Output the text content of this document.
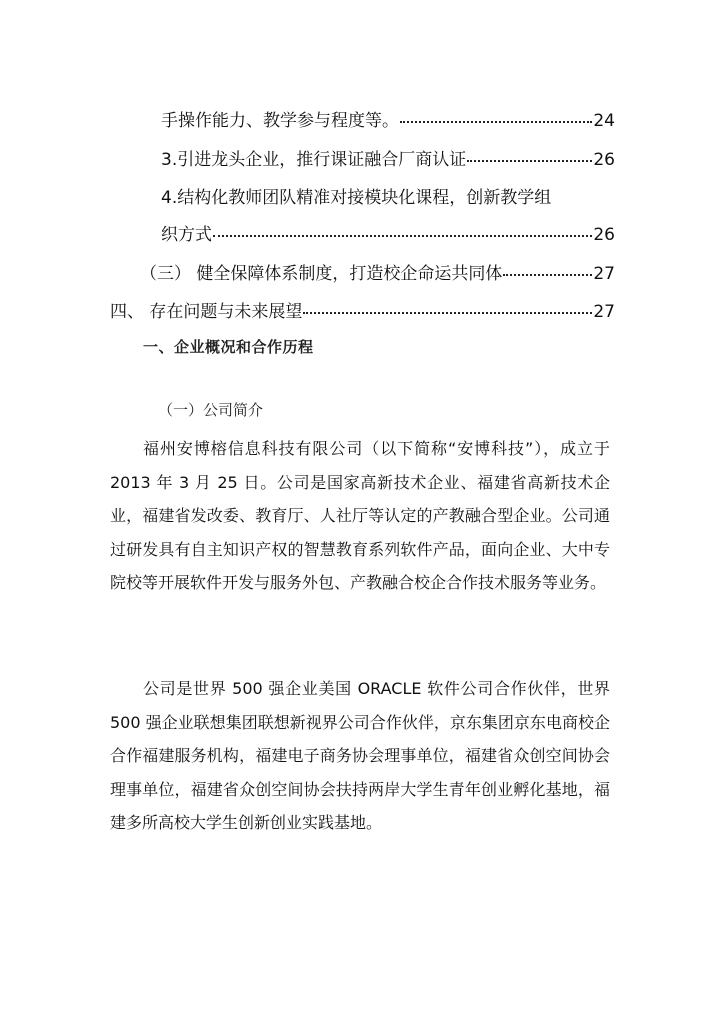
手操作能力、教学参与程度等。	24
3.引进龙头企业，推行课证融合厂商认证	26
4.结构化教师团队精准对接模块化课程，创新教学组
织方式	26
（三） 健全保障体系制度，打造校企命运共同体	27
四、 存在问题与未来展望	27
一、企业概况和合作历程
（一）公司简介

福州安博榕信息科技有限公司（以下简称“安博科技”），成立于 2013 年 3 月 25 日。公司是国家高新技术企业、福建省高新技术企业，福建省发改委、教育厅、人社厅等认定的产教融合型企业。公司通过研发具有自主知识产权的智慧教育系列软件产品，面向企业、大中专院校等开展软件开发与服务外包、产教融合校企合作技术服务等业务。

公司是世界 500 强企业美国 ORACLE 软件公司合作伙伴，世界 500 强企业联想集团联想新视界公司合作伙伴，京东集团京东电商校企合作福建服务机构，福建电子商务协会理事单位，福建省众创空间协会理事单位，福建省众创空间协会扶持两岸大学生青年创业孵化基地，福建多所高校大学生创新创业实践基地。
